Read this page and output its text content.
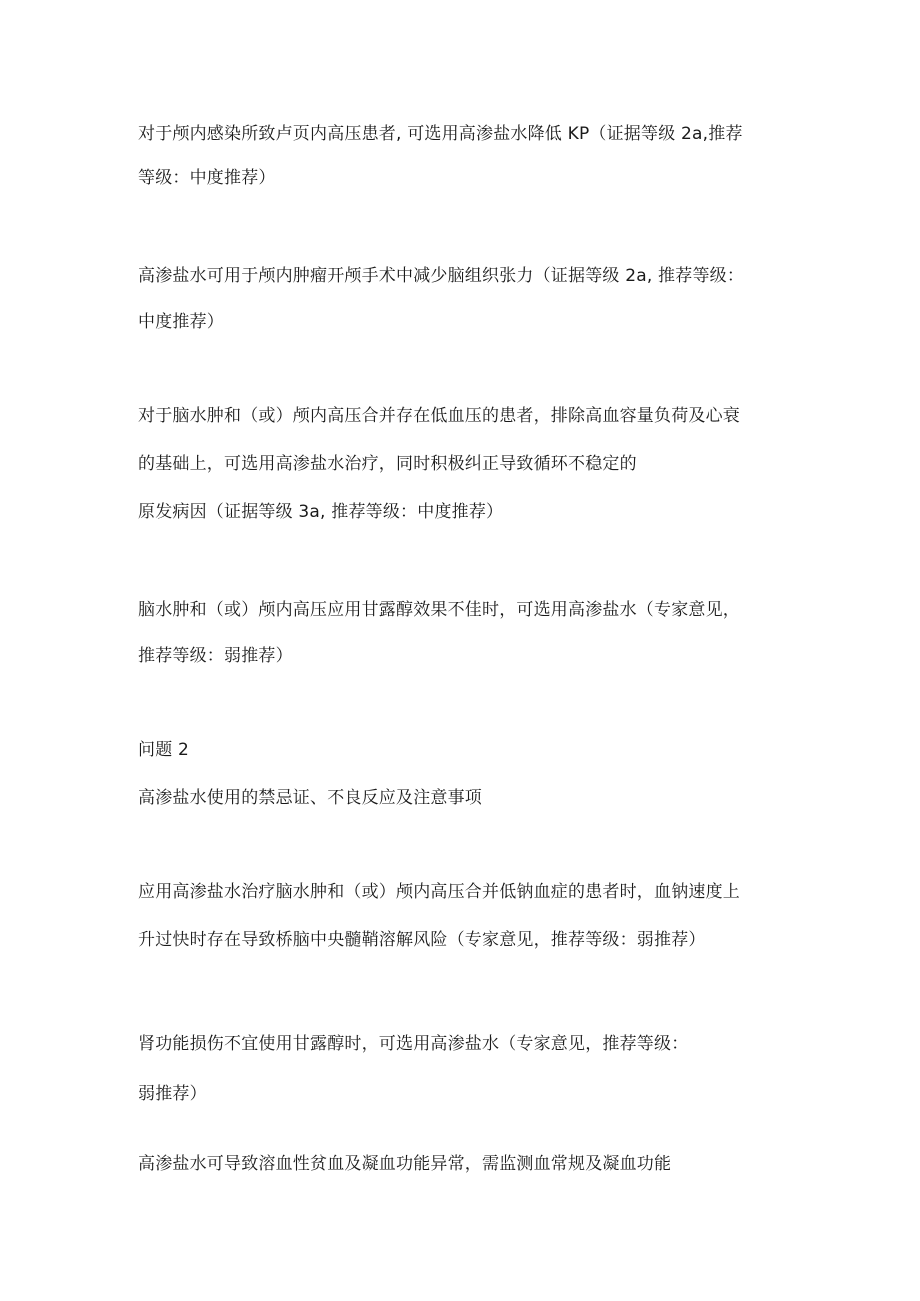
对于颅内感染所致卢页内高压患者, 可选用高渗盐水降低 KP（证据等级 2a,推荐
等级：中度推荐）
高渗盐水可用于颅内肿瘤开颅手术中减少脑组织张力（证据等级 2a, 推荐等级：
中度推荐）
对于脑水肿和（或）颅内高压合并存在低血压的患者，排除高血容量负荷及心衰
的基础上，可选用高渗盐水治疗，同时积极纠正导致循环不稳定的
原发病因（证据等级 3a, 推荐等级：中度推荐）
脑水肿和（或）颅内高压应用甘露醇效果不佳时，可选用高渗盐水（专家意见，
推荐等级：弱推荐）
问题 2
高渗盐水使用的禁忌证、不良反应及注意事项
应用高渗盐水治疗脑水肿和（或）颅内高压合并低钠血症的患者时，血钠速度上
升过快时存在导致桥脑中央髓鞘溶解风险（专家意见，推荐等级：弱推荐）
肾功能损伤不宜使用甘露醇时，可选用高渗盐水（专家意见，推荐等级：
弱推荐）
高渗盐水可导致溶血性贫血及凝血功能异常，需监测血常规及凝血功能
